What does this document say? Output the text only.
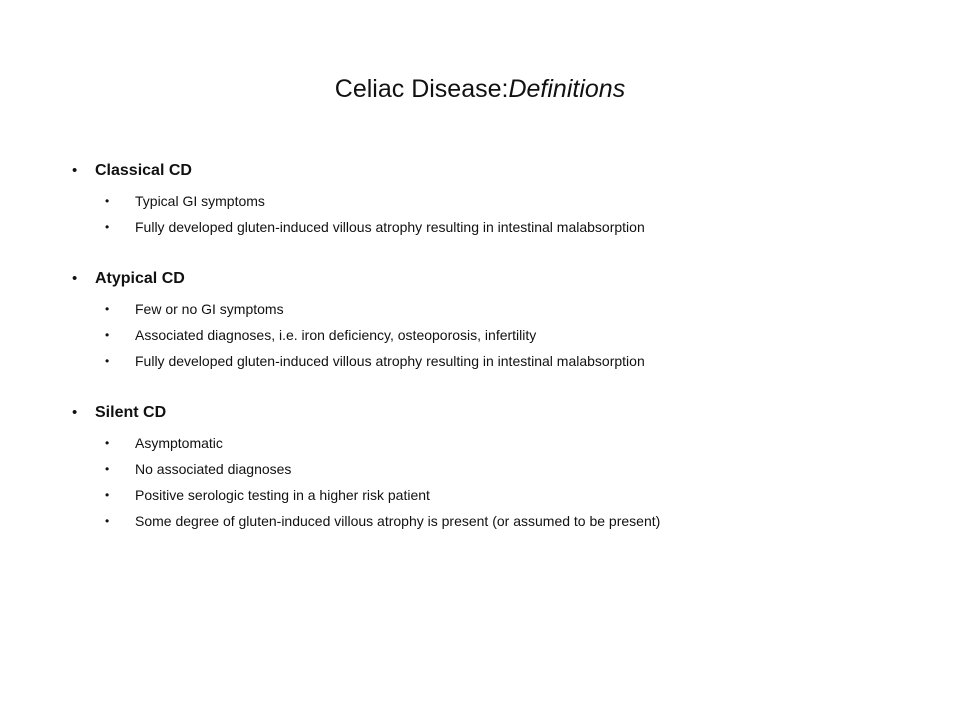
Celiac Disease:Definitions
• Classical CD
• Typical GI symptoms
• Fully developed gluten-induced villous atrophy resulting in intestinal malabsorption
• Atypical CD
• Few or no GI symptoms
• Associated diagnoses, i.e. iron deficiency, osteoporosis, infertility
• Fully developed gluten-induced villous atrophy resulting in intestinal malabsorption
• Silent CD
• Asymptomatic
• No associated diagnoses
• Positive serologic testing in a higher risk patient
• Some degree of gluten-induced villous atrophy is present (or assumed to be present)
